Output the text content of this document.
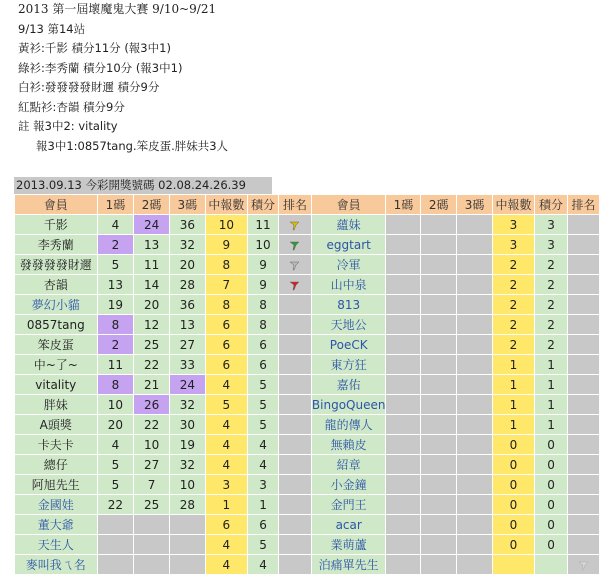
2013 第一屆壞魔鬼大賽 9/10~9/21
9/13 第14站
黃衫:千影 積分11分 (報3中1)
綠衫:李秀蘭 積分10分 (報3中1)
白衫:發發發發財邇 積分9分
紅點衫:杏韻 積分9分
註 報3中2: vitality
報3中1:0857tang.笨皮蛋.胖妹共3人
2013.09.13 今彩開獎號碼 02.08.24.26.39
會員	1碼	2碼	3碼	中報數	積分	排名	會員	1碼	2碼	3碼	中報數	積分	排名
千影	4	24	36	10	11		蘊妹				3	3	
李秀蘭	2	13	32	9	10		eggtart				3	3	
發發發發財邇	5	11	20	8	9		冷軍				2	2	
杏韻	13	14	28	7	9		山中泉				2	2	
夢幻小貓	19	20	36	8	8		813				2	2	
0857tang	8	12	13	6	8		天地公				2	2	
笨皮蛋	2	25	27	6	6		PoeCK				2	2	
中~了~	11	22	33	6	6		東方狂				1	1	
vitality	8	21	24	4	5		嘉佑				1	1	
胖妹	10	26	32	5	5		BingoQueen				1	1	
A頭獎	20	22	30	4	5		龍的傳人				1	1	
卡夫卡	4	10	19	4	4		無賴皮				0	0	
總仔	5	27	32	4	4		紹章				0	0	
阿旭先生	5	7	10	3	3		小金鐘				0	0	
金國娃	22	25	28	1	1		金門王				0	0	
董大爺				6	6		acar				0	0	
天生人				4	5		業萌蘆				0	0	
麥叫我ㄟ名				4	4		泊痛單先生						
